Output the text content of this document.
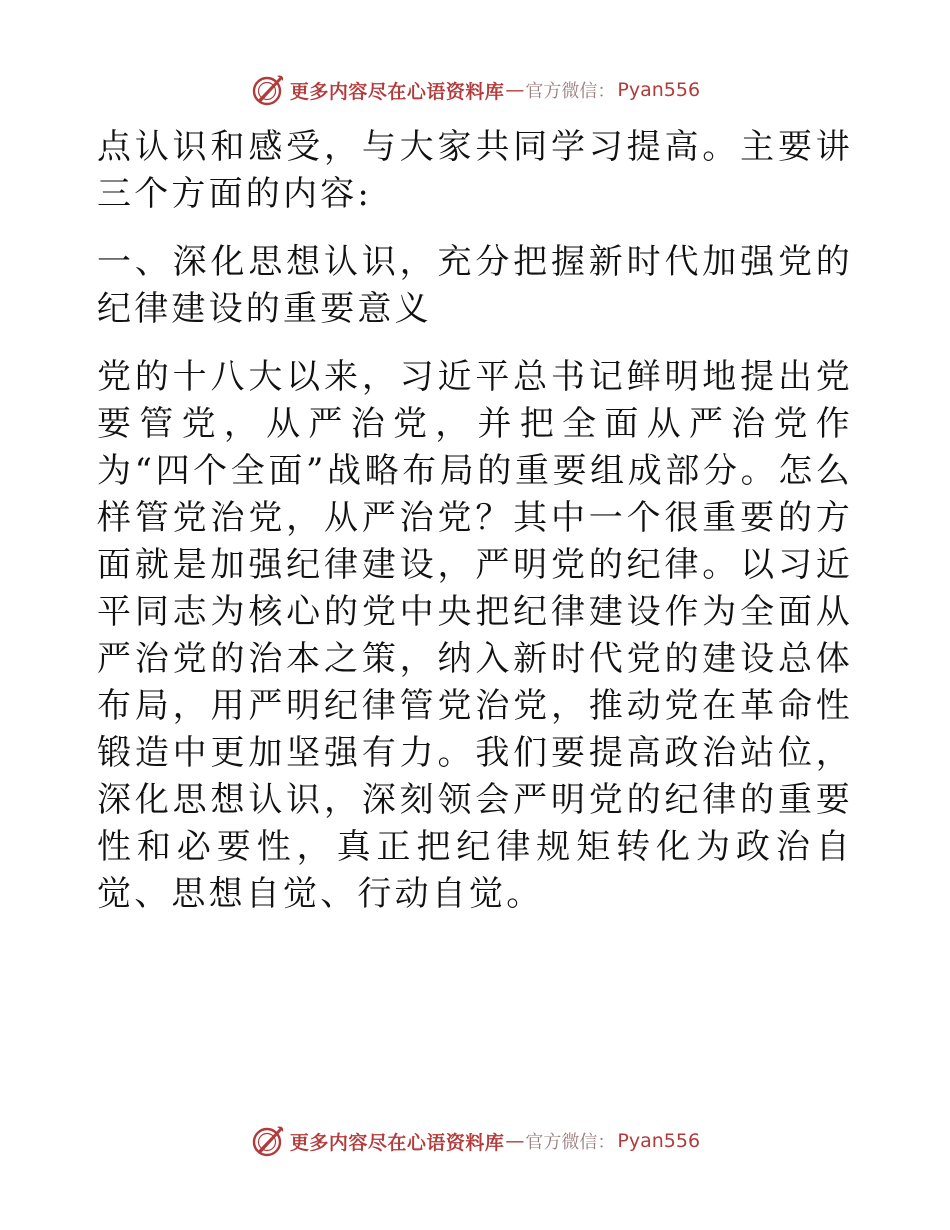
更多内容尽在心语资料库 — 官方微信： Pyan556

点认识和感受，与大家共同学习提高。主要讲三个方面的内容:

一、深化思想认识，充分把握新时代加强党的纪律建设的重要意义

党的十八大以来，习近平总书记鲜明地提出党要管党，从严治党，并把全面从严治党作为“四个全面”战略布局的重要组成部分。怎么样管党治党，从严治党？其中一个很重要的方面就是加强纪律建设，严明党的纪律。以习近平同志为核心的党中央把纪律建设作为全面从严治党的治本之策，纳入新时代党的建设总体布局，用严明纪律管党治党，推动党在革命性锻造中更加坚强有力。我们要提高政治站位，深化思想认识，深刻领会严明党的纪律的重要性和必要性，真正把纪律规矩转化为政治自觉、思想自觉、行动自觉。

更多内容尽在心语资料库 — 官方微信： Pyan556
